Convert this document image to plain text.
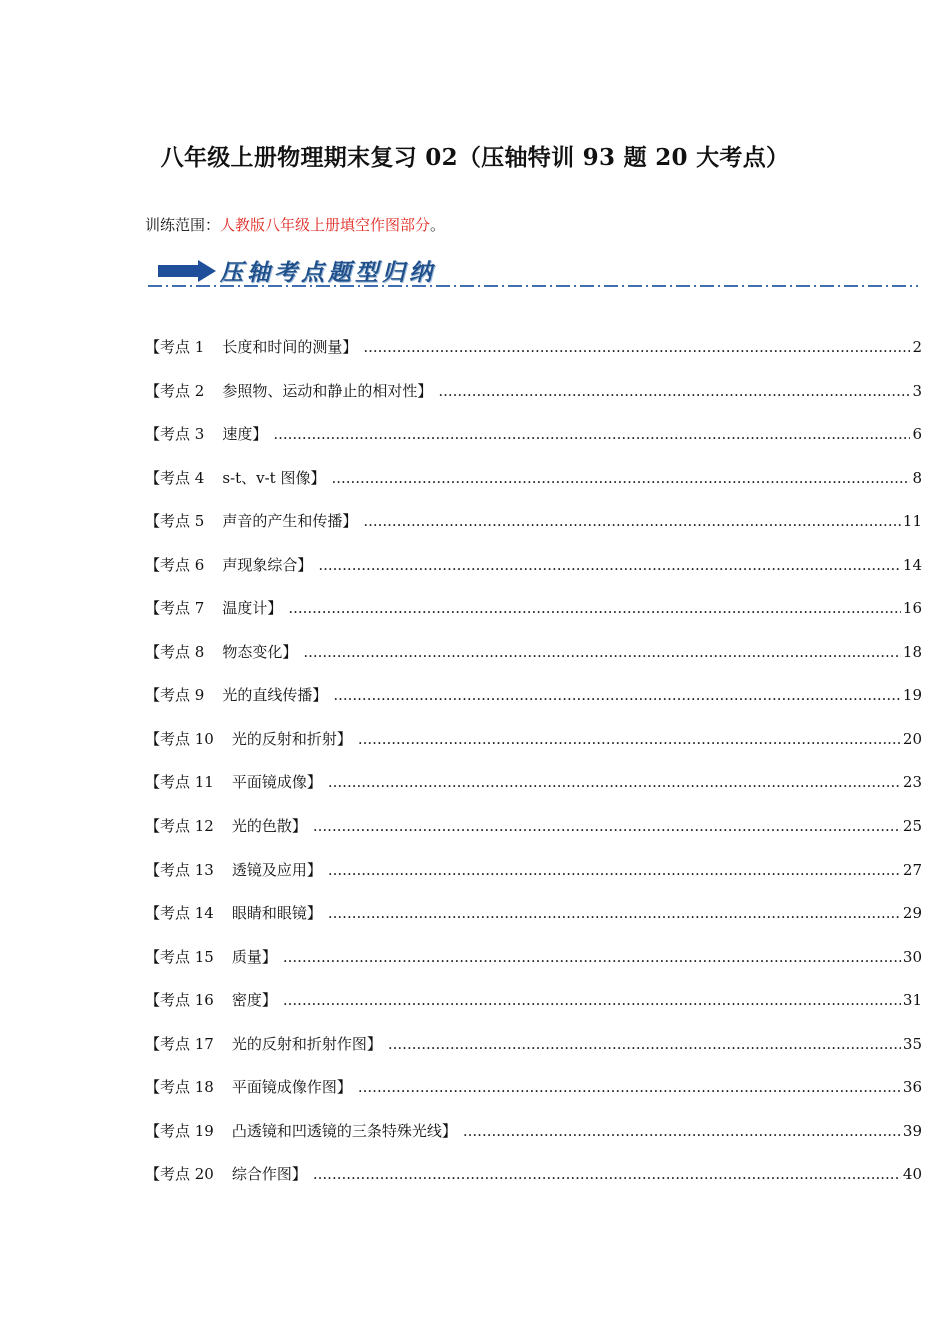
八年级上册物理期末复习 02（压轴特训 93 题 20 大考点）
训练范围：人教版八年级上册填空作图部分。
压轴考点题型归纳
【考点 1 长度和时间的测量】 .....	2
【考点 2 参照物、运动和静止的相对性】 .....	3
【考点 3 速度】 .....	6
【考点 4 s-t、v-t 图像】 .....	8
【考点 5 声音的产生和传播】 .....	11
【考点 6 声现象综合】 .....	14
【考点 7 温度计】 .....	16
【考点 8 物态变化】 .....	18
【考点 9 光的直线传播】 .....	19
【考点 10 光的反射和折射】 .....	20
【考点 11 平面镜成像】 .....	23
【考点 12 光的色散】 .....	25
【考点 13 透镜及应用】 .....	27
【考点 14 眼睛和眼镜】 .....	29
【考点 15 质量】 .....	30
【考点 16 密度】 .....	31
【考点 17 光的反射和折射作图】 .....	35
【考点 18 平面镜成像作图】 .....	36
【考点 19 凸透镜和凹透镜的三条特殊光线】 .....	39
【考点 20 综合作图】 .....	40
